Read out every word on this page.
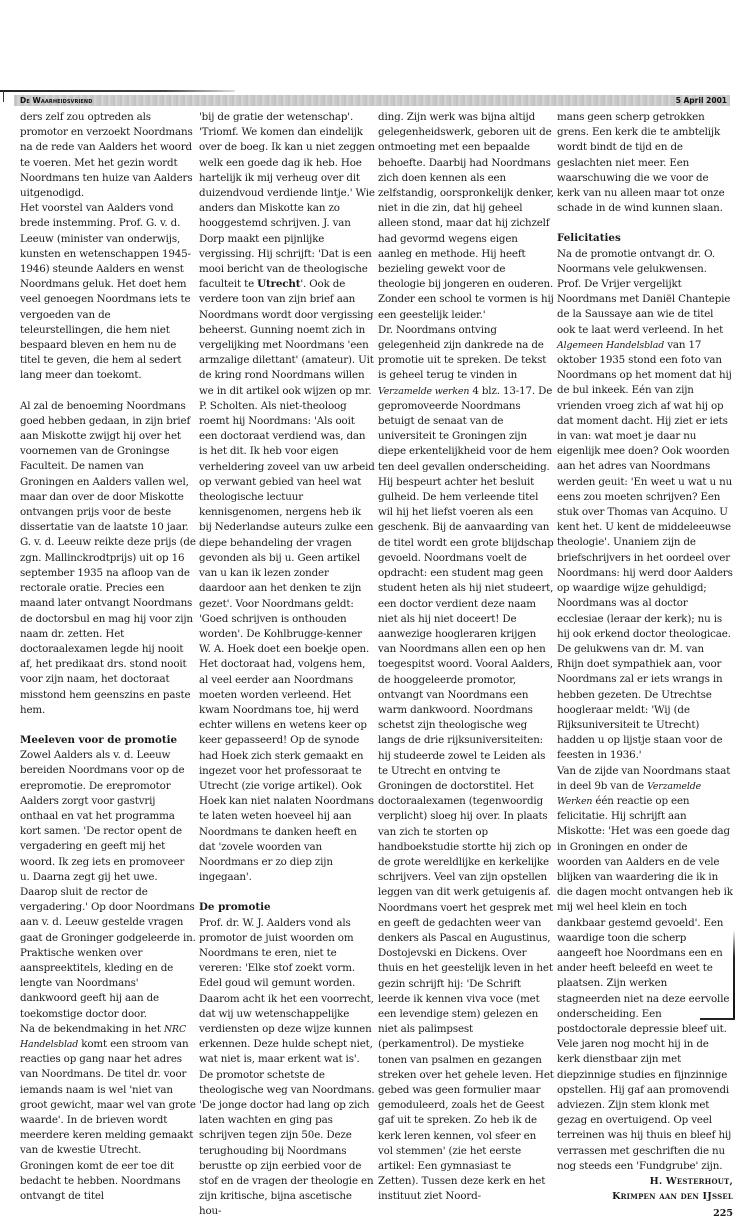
De Waarheidsvriend	5 April 2001

ders zelf zou optreden als promotor en verzoekt Noordmans na de rede van Aalders het woord te voeren. Met het gezin wordt Noordmans ten huize van Aalders uitgenodigd.

Het voorstel van Aalders vond brede instemming. Prof. G. v. d. Leeuw (minister van onderwijs, kunsten en wetenschappen 1945-1946) steunde Aalders en wenst Noordmans geluk. Het doet hem veel genoegen Noordmans iets te vergoeden van de teleurstellingen, die hem niet bespaard bleven en hem nu de titel te geven, die hem al sedert lang meer dan toekomt.

Al zal de benoeming Noordmans goed hebben gedaan, in zijn brief aan Miskotte zwijgt hij over het voornemen van de Groningse Faculteit. De namen van Groningen en Aalders vallen wel, maar dan over de door Miskotte ontvangen prijs voor de beste dissertatie van de laatste 10 jaar. G. v. d. Leeuw reikte deze prijs (de zgn. Mallinckrodtprijs) uit op 16 september 1935 na afloop van de rectorale oratie. Precies een maand later ontvangt Noordmans de doctorsbul en mag hij voor zijn naam dr. zetten. Het doctoraalexamen legde hij nooit af, het predikaat drs. stond nooit voor zijn naam, het doctoraat misstond hem geenszins en paste hem.

Meeleven voor de promotie

Zowel Aalders als v. d. Leeuw bereiden Noordmans voor op de erepromotie. De erepromotor Aalders zorgt voor gastvrij onthaal en vat het programma kort samen. 'De rector opent de vergadering en geeft mij het woord. Ik zeg iets en promoveer u. Daarna zegt gij het uwe. Daarop sluit de rector de vergadering.' Op door Noordmans aan v. d. Leeuw gestelde vragen gaat de Groninger godgeleerde in. Praktische wenken over aanspreektitels, kleding en de lengte van Noordmans' dankwoord geeft hij aan de toekomstige doctor door.

Na de bekendmaking in het NRC Handelsblad komt een stroom van reacties op gang naar het adres van Noordmans. De titel dr. voor iemands naam is wel 'niet van groot gewicht, maar wel van grote waarde'. In de brieven wordt meerdere keren melding gemaakt van de kwestie Utrecht. Groningen komt de eer toe dit bedacht te hebben. Noordmans ontvangt de titel

'bij de gratie der wetenschap'. 'Triomf. We komen dan eindelijk over de boeg. Ik kan u niet zeggen welk een goede dag ik heb. Hoe hartelijk ik mij verheug over dit duizendvoud verdiende lintje.' Wie anders dan Miskotte kan zo hooggestemd schrijven. J. van Dorp maakt een pijnlijke vergissing. Hij schrijft: 'Dat is een mooi bericht van de theologische faculteit te Utrecht'. Ook de verdere toon van zijn brief aan Noordmans wordt door vergissing beheerst. Gunning noemt zich in vergelijking met Noordmans 'een armzalige dilettant' (amateur). Uit de kring rond Noordmans willen we in dit artikel ook wijzen op mr. P. Scholten. Als niet-theoloog roemt hij Noordmans: 'Als ooit een doctoraat verdiend was, dan is het dit. Ik heb voor eigen verheldering zoveel van uw arbeid op verwant gebied van heel wat theologische lectuur kennisgenomen, nergens heb ik bij Nederlandse auteurs zulke een diepe behandeling der vragen gevonden als bij u. Geen artikel van u kan ik lezen zonder daardoor aan het denken te zijn gezet'. Voor Noordmans geldt: 'Goed schrijven is onthouden worden'. De Kohlbrugge-kenner W. A. Hoek doet een boekje open. Het doctoraat had, volgens hem, al veel eerder aan Noordmans moeten worden verleend. Het kwam Noordmans toe, hij werd echter willens en wetens keer op keer gepasseerd! Op de synode had Hoek zich sterk gemaakt en ingezet voor het professoraat te Utrecht (zie vorige artikel). Ook Hoek kan niet nalaten Noordmans te laten weten hoeveel hij aan Noordmans te danken heeft en dat 'zovele woorden van Noordmans er zo diep zijn ingegaan'.

De promotie

Prof. dr. W. J. Aalders vond als promotor de juist woorden om Noordmans te eren, niet te vereren: 'Elke stof zoekt vorm. Edel goud wil gemunt worden. Daarom acht ik het een voorrecht, dat wij uw wetenschappelijke verdiensten op deze wijze kunnen erkennen. Deze hulde schept niet, wat niet is, maar erkent wat is'. De promotor schetste de theologische weg van Noordmans. 'De jonge doctor had lang op zich laten wachten en ging pas schrijven tegen zijn 50e. Deze terughouding bij Noordmans berustte op zijn eerbied voor de stof en de vragen der theologie en zijn kritische, bijna ascetische hou-

ding. Zijn werk was bijna altijd gelegenheidswerk, geboren uit de ontmoeting met een bepaalde behoefte. Daarbij had Noordmans zich doen kennen als een zelfstandig, oorspronkelijk denker, niet in die zin, dat hij geheel alleen stond, maar dat hij zichzelf had gevormd wegens eigen aanleg en methode. Hij heeft bezieling gewekt voor de theologie bij jongeren en ouderen. Zonder een school te vormen is hij een geestelijk leider.'

Dr. Noordmans ontving gelegenheid zijn dankrede na de promotie uit te spreken. De tekst is geheel terug te vinden in Verzamelde werken 4 blz. 13-17. De gepromoveerde Noordmans betuigt de senaat van de universiteit te Groningen zijn diepe erkentelijkheid voor de hem ten deel gevallen onderscheiding. Hij bespeurt achter het besluit gulheid. De hem verleende titel wil hij het liefst voeren als een geschenk. Bij de aanvaarding van de titel wordt een grote blijdschap gevoeld. Noordmans voelt de opdracht: een student mag geen student heten als hij niet studeert, een doctor verdient deze naam niet als hij niet doceert! De aanwezige hoogleraren krijgen van Noordmans allen een op hen toegespitst woord. Vooral Aalders, de hooggeleerde promotor, ontvangt van Noordmans een warm dankwoord. Noordmans schetst zijn theologische weg langs de drie rijksuniversiteiten: hij studeerde zowel te Leiden als te Utrecht en ontving te Groningen de doctorstitel. Het doctoraalexamen (tegenwoordig verplicht) sloeg hij over. In plaats van zich te storten op handboekstudie stortte hij zich op de grote wereldlijke en kerkelijke schrijvers. Veel van zijn opstellen leggen van dit werk getuigenis af. Noordmans voert het gesprek met en geeft de gedachten weer van denkers als Pascal en Augustinus, Dostojevski en Dickens. Over thuis en het geestelijk leven in het gezin schrijft hij: 'De Schrift leerde ik kennen viva voce (met een levendige stem) gelezen en niet als palimpsest (perkamentrol). De mystieke tonen van psalmen en gezangen streken over het gehele leven. Het gebed was geen formulier maar gemoduleerd, zoals het de Geest gaf uit te spreken. Zo heb ik de kerk leren kennen, vol sfeer en vol stemmen' (zie het eerste artikel: Een gymnasiast te Zetten). Tussen deze kerk en het instituut ziet Noord-

mans geen scherp getrokken grens. Een kerk die te ambtelijk wordt bindt de tijd en de geslachten niet meer. Een waarschuwing die we voor de kerk van nu alleen maar tot onze schade in de wind kunnen slaan.

Felicitaties

Na de promotie ontvangt dr. O. Noormans vele gelukwensen. Prof. De Vrijer vergelijkt Noordmans met Daniël Chantepie de la Saussaye aan wie de titel ook te laat werd verleend. In het Algemeen Handelsblad van 17 oktober 1935 stond een foto van Noordmans op het moment dat hij de bul inkeek. Eén van zijn vrienden vroeg zich af wat hij op dat moment dacht. Hij ziet er iets in van: wat moet je daar nu eigenlijk mee doen? Ook woorden aan het adres van Noordmans werden geuit: 'En weet u wat u nu eens zou moeten schrijven? Een stuk over Thomas van Acquino. U kent het. U kent de middeleeuwse theologie'. Unaniem zijn de briefschrijvers in het oordeel over Noordmans: hij werd door Aalders op waardige wijze gehuldigd; Noordmans was al doctor ecclesiae (leraar der kerk); nu is hij ook erkend doctor theologicae. De gelukwens van dr. M. van Rhijn doet sympathiek aan, voor Noordmans zal er iets wrangs in hebben gezeten. De Utrechtse hoogleraar meldt: 'Wij (de Rijksuniversiteit te Utrecht) hadden u op lijstje staan voor de feesten in 1936.'

Van de zijde van Noordmans staat in deel 9b van de Verzamelde Werken één reactie op een felicitatie. Hij schrijft aan Miskotte: 'Het was een goede dag in Groningen en onder de woorden van Aalders en de vele blijken van waardering die ik in die dagen mocht ontvangen heb ik mij wel heel klein en toch dankbaar gestemd gevoeld'. Een waardige toon die scherp aangeeft hoe Noordmans een en ander heeft beleefd en weet te plaatsen. Zijn werken stagneerden niet na deze eervolle onderscheiding. Een postdoctorale depressie bleef uit. Vele jaren nog mocht hij in de kerk dienstbaar zijn met diepzinnige studies en fijnzinnige opstellen. Hij gaf aan promovendi adviezen. Zijn stem klonk met gezag en overtuigend. Op veel terreinen was hij thuis en bleef hij verrassen met geschriften die nu nog steeds een 'Fundgrube' zijn.

H. Westerhout,

Krimpen aan den IJssel

225
